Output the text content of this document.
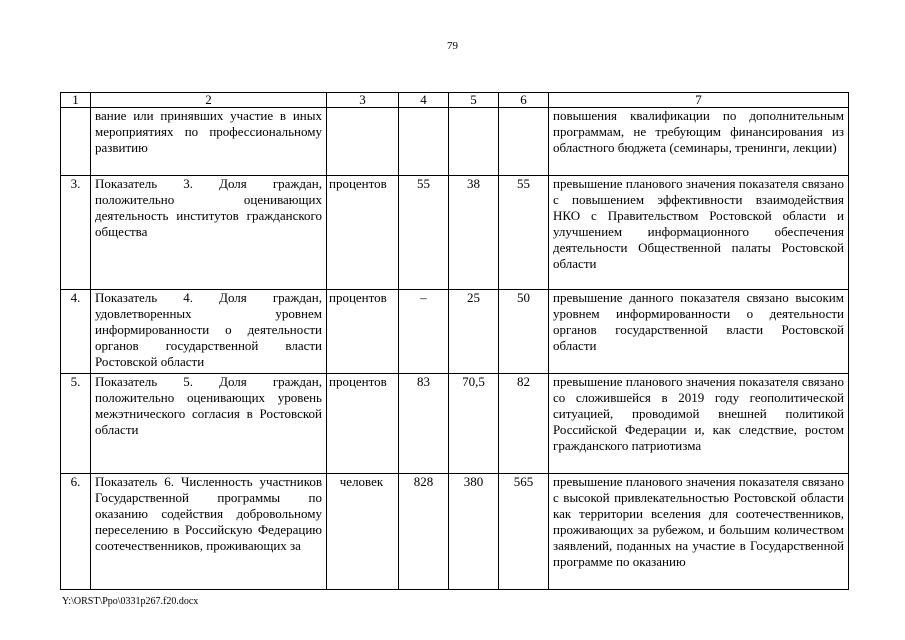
79
1	2	3	4	5	6	7
	вание или принявших участие в иных мероприятиях по профессиональному развитию					повышения квалификации по дополнительным программам, не требующим финансирования из областного бюджета (семинары, тренинги, лекции)
3.	Показатель 3. Доля граждан, положительно оценивающих деятельность институтов гражданского общества	процентов	55	38	55	превышение планового значения показателя связано с повышением эффективности взаимодействия НКО с Правительством Ростовской области и улучшением информационного обеспечения деятельности Общественной палаты Ростовской области
4.	Показатель 4. Доля граждан, удовлетворенных уровнем информированности о деятельности органов государственной власти Ростовской области	процентов	–	25	50	превышение данного показателя связано высоким уровнем информированности о деятельности органов государственной власти Ростовской области
5.	Показатель 5. Доля граждан, положительно оценивающих уровень межэтнического согласия в Ростовской области	процентов	83	70,5	82	превышение планового значения показателя связано со сложившейся в 2019 году геополитической ситуацией, проводимой внешней политикой Российской Федерации и, как следствие, ростом гражданского патриотизма
6.	Показатель 6. Численность участников Государственной программы по оказанию содействия добровольному переселению в Российскую Федерацию соотечественников, проживающих за	человек	828	380	565	превышение планового значения показателя связано с высокой привлекательностью Ростовской области как территории вселения для соотечественников, проживающих за рубежом, и большим количеством заявлений, поданных на участие в Государственной программе по оказанию
Y:\ORST\Ppo\0331p267.f20.docx
